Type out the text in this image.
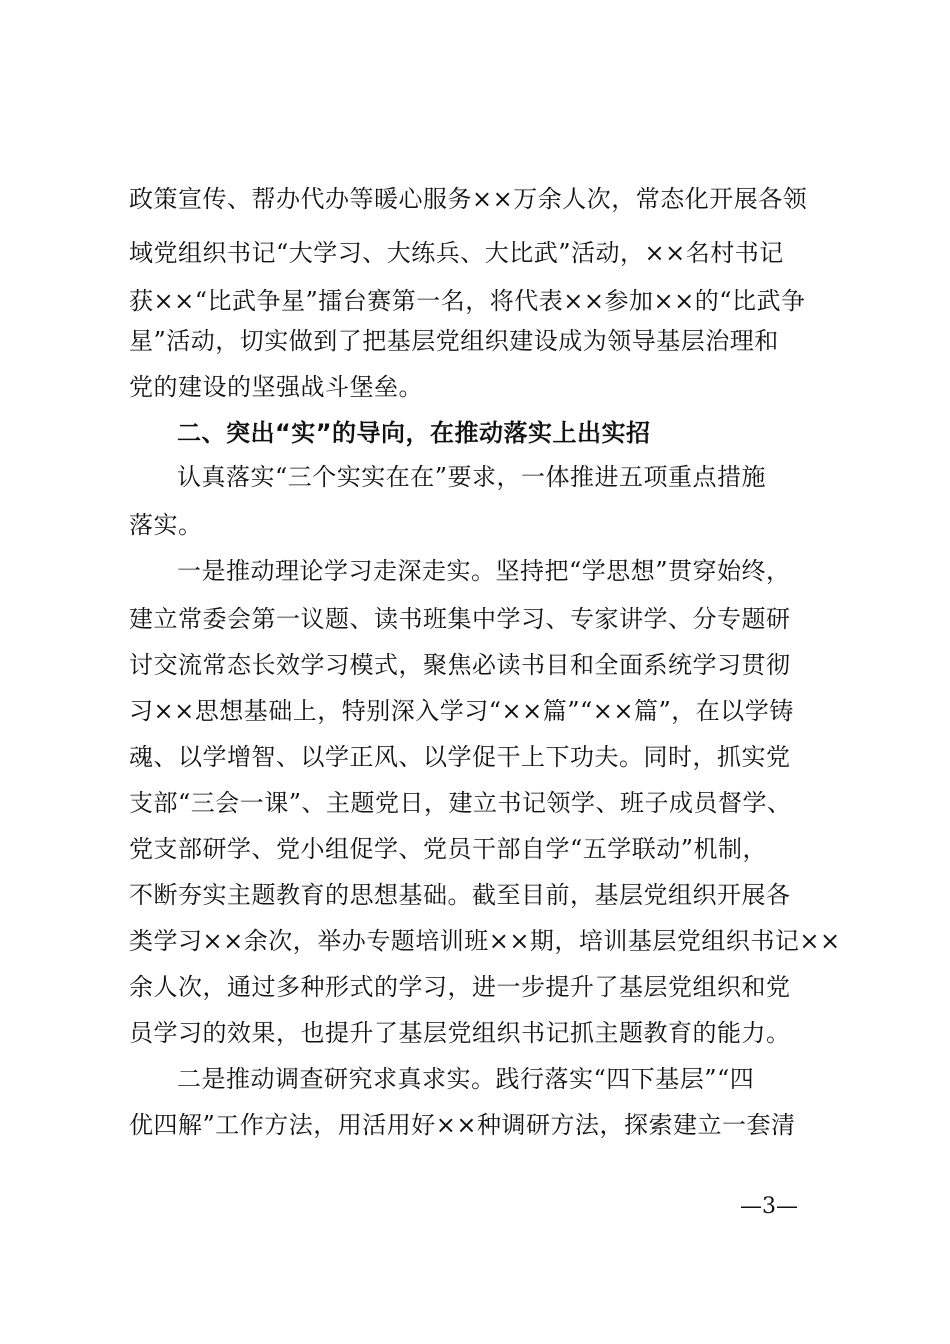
政策宣传、帮办代办等暖心服务××万余人次，常态化开展各领
域党组织书记“大学习、大练兵、大比武”活动，××名村书记
获××“比武争星”擂台赛第一名，将代表××参加××的“比武争
星”活动，切实做到了把基层党组织建设成为领导基层治理和
党的建设的坚强战斗堡垒。
二、突出“实”的导向，在推动落实上出实招
认真落实“三个实实在在”要求，一体推进五项重点措施
落实。
一是推动理论学习走深走实。坚持把“学思想”贯穿始终，
建立常委会第一议题、读书班集中学习、专家讲学、分专题研
讨交流常态长效学习模式，聚焦必读书目和全面系统学习贯彻
习××思想基础上，特别深入学习“××篇”“××篇”，在以学铸
魂、以学增智、以学正风、以学促干上下功夫。同时，抓实党
支部“三会一课”、主题党日，建立书记领学、班子成员督学、
党支部研学、党小组促学、党员干部自学“五学联动”机制，
不断夯实主题教育的思想基础。截至目前，基层党组织开展各
类学习××余次，举办专题培训班××期，培训基层党组织书记××
余人次，通过多种形式的学习，进一步提升了基层党组织和党
员学习的效果，也提升了基层党组织书记抓主题教育的能力。
二是推动调查研究求真求实。践行落实“四下基层”“四
优四解”工作方法，用活用好××种调研方法，探索建立一套清
—3—
